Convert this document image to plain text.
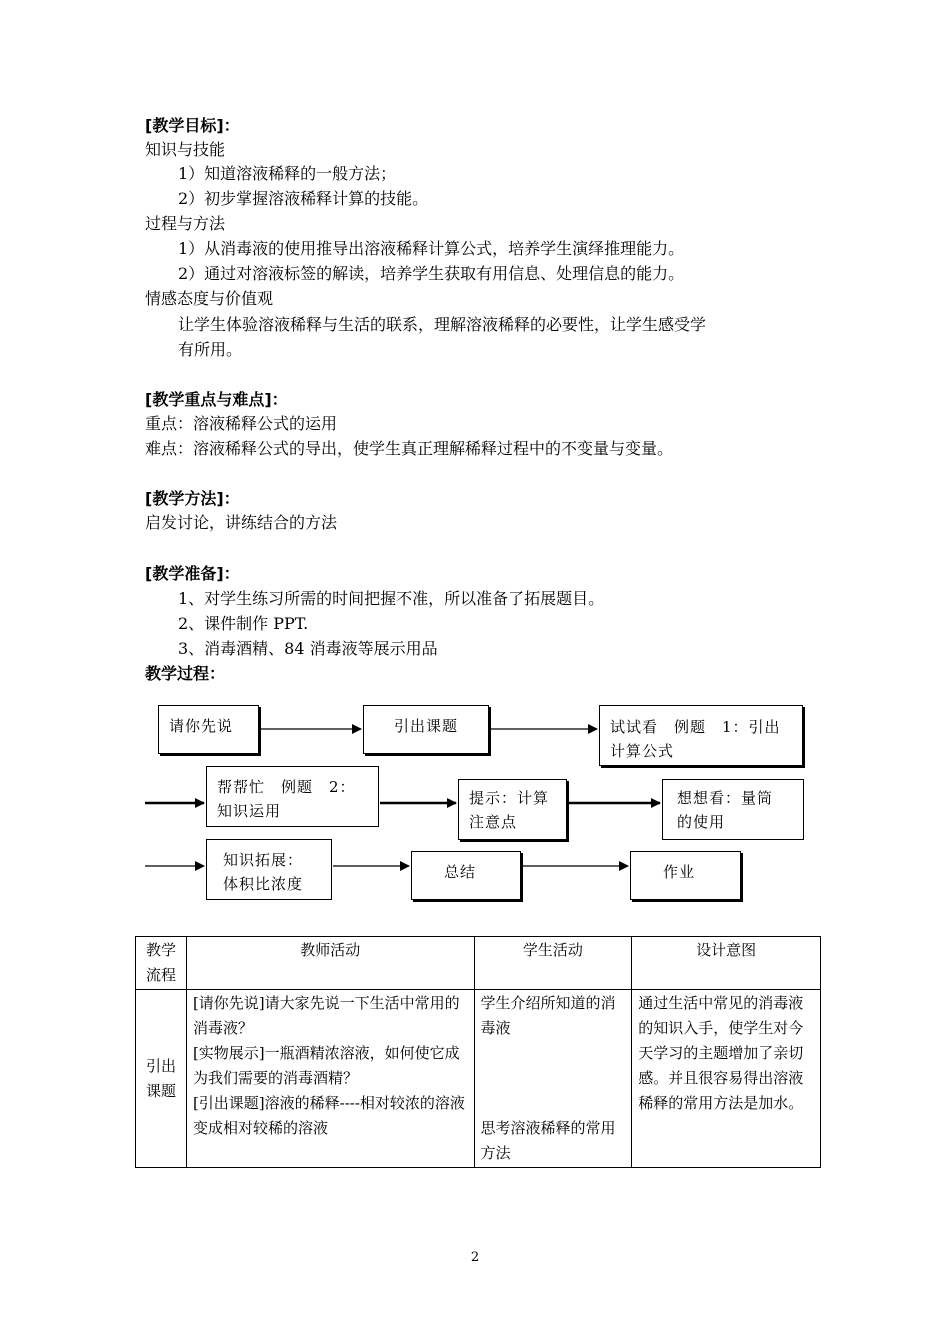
[教学目标]：
知识与技能
1）知道溶液稀释的一般方法；
2）初步掌握溶液稀释计算的技能。
过程与方法
1）从消毒液的使用推导出溶液稀释计算公式，培养学生演绎推理能力。
2）通过对溶液标签的解读，培养学生获取有用信息、处理信息的能力。
情感态度与价值观
让学生体验溶液稀释与生活的联系，理解溶液稀释的必要性，让学生感受学
有所用。
[教学重点与难点]：
重点：溶液稀释公式的运用
难点：溶液稀释公式的导出，使学生真正理解稀释过程中的不变量与变量。
[教学方法]：
启发讨论，讲练结合的方法
[教学准备]：
1、对学生练习所需的时间把握不准，所以准备了拓展题目。
2、课件制作 PPT.
3、消毒酒精、84 消毒液等展示用品
教学过程：
请你先说	引出课题	试试看　例题　1：引出
计算公式
帮帮忙　例题　2：
知识运用
提示：计算
注意点
想想看：量筒
的使用
知识拓展：
体积比浓度
总结	作业
教学
流程	教师活动	学生活动	设计意图
引出
课题	[请你先说]请大家先说一下生活中常用的消毒液？
[实物展示]一瓶酒精浓溶液，如何使它成为我们需要的消毒酒精？
[引出课题]溶液的稀释----相对较浓的溶液变成相对较稀的溶液	学生介绍所知道的消毒液

思考溶液稀释的常用方法	通过生活中常见的消毒液的知识入手，使学生对今天学习的主题增加了亲切感。并且很容易得出溶液稀释的常用方法是加水。
2
